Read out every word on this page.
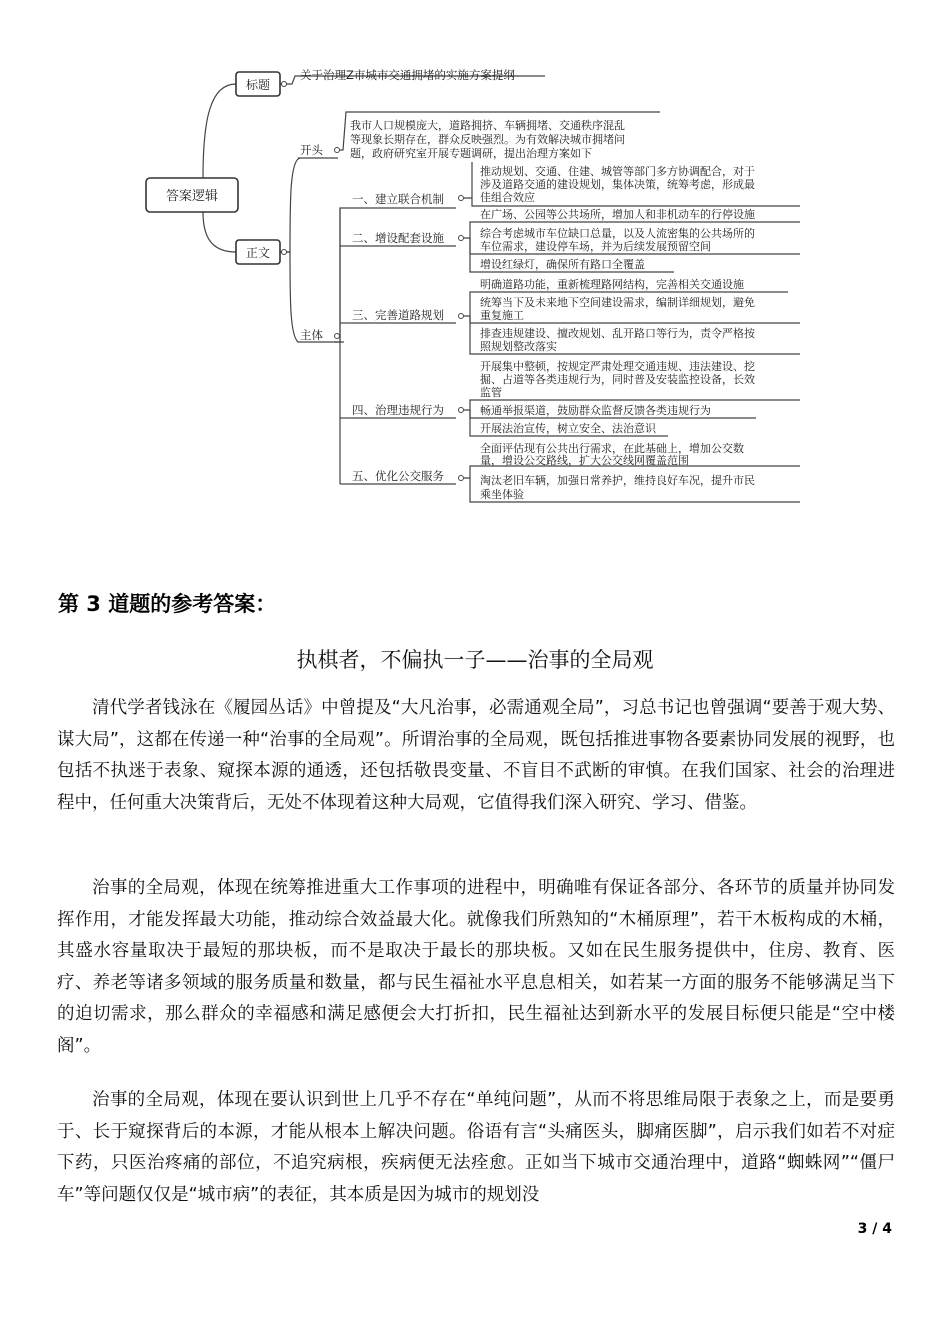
答案逻辑
标题
关于治理Z市城市交通拥堵的实施方案提纲
正文
开头
主体
我市人口规模庞大，道路拥挤、车辆拥堵、交通秩序混乱
等现象长期存在，群众反映强烈。为有效解决城市拥堵问
题，政府研究室开展专题调研，提出治理方案如下
一、建立联合机制
推动规划、交通、住建、城管等部门多方协调配合，对于
涉及道路交通的建设规划，集体决策，统筹考虑，形成最
佳组合效应
二、增设配套设施
在广场、公园等公共场所，增加人和非机动车的行停设施
综合考虑城市车位缺口总量，以及人流密集的公共场所的
车位需求，建设停车场，并为后续发展预留空间
增设红绿灯，确保所有路口全覆盖
三、完善道路规划
明确道路功能，重新梳理路网结构，完善相关交通设施
统筹当下及未来地下空间建设需求，编制详细规划，避免
重复施工
排查违规建设、擅改规划、乱开路口等行为，责令严格按
照规划整改落实
四、治理违规行为
开展集中整顿，按规定严肃处理交通违规、违法建设、挖
掘、占道等各类违规行为，同时普及安装监控设备，长效
监管
畅通举报渠道，鼓励群众监督反馈各类违规行为
开展法治宣传，树立安全、法治意识
五、优化公交服务
全面评估现有公共出行需求，在此基础上，增加公交数
量，增设公交路线，扩大公交线网覆盖范围
淘汰老旧车辆，加强日常养护，维持良好车况，提升市民
乘坐体验
第 3 道题的参考答案：
执棋者，不偏执一子——治事的全局观

清代学者钱泳在《履园丛话》中曾提及“大凡治事，必需通观全局”，习总书记也曾强调“要善于观大势、谋大局”，这都在传递一种“治事的全局观”。所谓治事的全局观，既包括推进事物各要素协同发展的视野，也包括不执迷于表象、窥探本源的通透，还包括敬畏变量、不盲目不武断的审慎。在我们国家、社会的治理进程中，任何重大决策背后，无处不体现着这种大局观，它值得我们深入研究、学习、借鉴。

治事的全局观，体现在统筹推进重大工作事项的进程中，明确唯有保证各部分、各环节的质量并协同发挥作用，才能发挥最大功能，推动综合效益最大化。就像我们所熟知的“木桶原理”，若干木板构成的木桶，其盛水容量取决于最短的那块板，而不是取决于最长的那块板。又如在民生服务提供中，住房、教育、医疗、养老等诸多领域的服务质量和数量，都与民生福祉水平息息相关，如若某一方面的服务不能够满足当下的迫切需求，那么群众的幸福感和满足感便会大打折扣，民生福祉达到新水平的发展目标便只能是“空中楼阁”。

治事的全局观，体现在要认识到世上几乎不存在“单纯问题”，从而不将思维局限于表象之上，而是要勇于、长于窥探背后的本源，才能从根本上解决问题。俗语有言“头痛医头，脚痛医脚”，启示我们如若不对症下药，只医治疼痛的部位，不追究病根，疾病便无法痊愈。正如当下城市交通治理中，道路“蜘蛛网”“僵尸车”等问题仅仅是“城市病”的表征，其本质是因为城市的规划没

3 / 4
